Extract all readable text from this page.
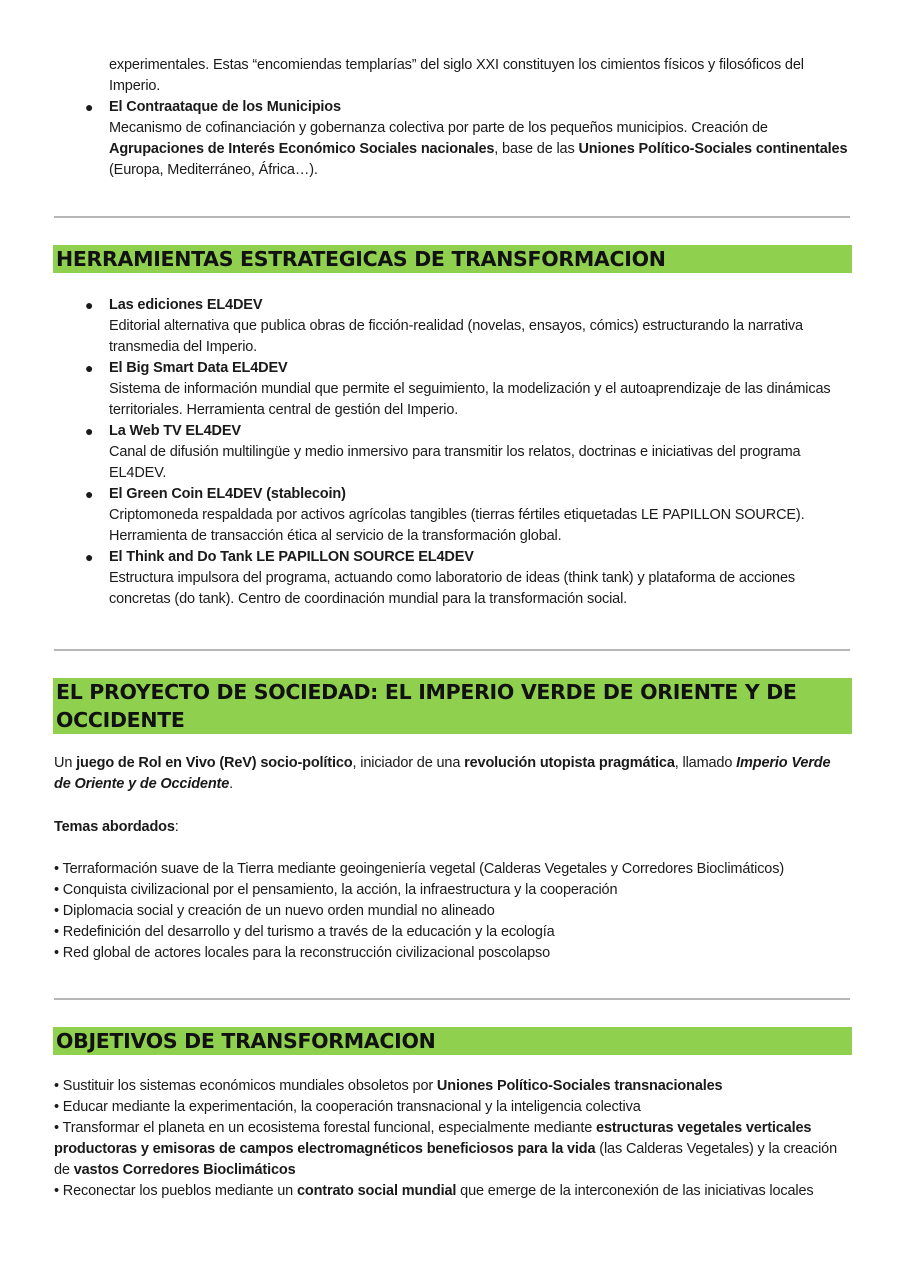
experimentales. Estas “encomiendas templarías” del siglo XXI constituyen los cimientos físicos y filosóficos del Imperio.
● El Contraataque de los Municipios
Mecanismo de cofinanciación y gobernanza colectiva por parte de los pequeños municipios. Creación de Agrupaciones de Interés Económico Sociales nacionales, base de las Uniones Político-Sociales continentales (Europa, Mediterráneo, África…).
HERRAMIENTAS ESTRATEGICAS DE TRANSFORMACION
● Las ediciones EL4DEV
Editorial alternativa que publica obras de ficción-realidad (novelas, ensayos, cómics) estructurando la narrativa transmedia del Imperio.
● El Big Smart Data EL4DEV
Sistema de información mundial que permite el seguimiento, la modelización y el autoaprendizaje de las dinámicas territoriales. Herramienta central de gestión del Imperio.
● La Web TV EL4DEV
Canal de difusión multilingüe y medio inmersivo para transmitir los relatos, doctrinas e iniciativas del programa EL4DEV.
● El Green Coin EL4DEV (stablecoin)
Criptomoneda respaldada por activos agrícolas tangibles (tierras fértiles etiquetadas LE PAPILLON SOURCE). Herramienta de transacción ética al servicio de la transformación global.
● El Think and Do Tank LE PAPILLON SOURCE EL4DEV
Estructura impulsora del programa, actuando como laboratorio de ideas (think tank) y plataforma de acciones concretas (do tank). Centro de coordinación mundial para la transformación social.
EL PROYECTO DE SOCIEDAD: EL IMPERIO VERDE DE ORIENTE Y DE
OCCIDENTE
Un juego de Rol en Vivo (ReV) socio-político, iniciador de una revolución utopista pragmática, llamado Imperio Verde de Oriente y de Occidente.
Temas abordados:
• Terraformación suave de la Tierra mediante geoingeniería vegetal (Calderas Vegetales y Corredores Bioclimáticos)
• Conquista civilizacional por el pensamiento, la acción, la infraestructura y la cooperación
• Diplomacia social y creación de un nuevo orden mundial no alineado
• Redefinición del desarrollo y del turismo a través de la educación y la ecología
• Red global de actores locales para la reconstrucción civilizacional poscolapso
OBJETIVOS DE TRANSFORMACION
• Sustituir los sistemas económicos mundiales obsoletos por Uniones Político-Sociales transnacionales
• Educar mediante la experimentación, la cooperación transnacional y la inteligencia colectiva
• Transformar el planeta en un ecosistema forestal funcional, especialmente mediante estructuras vegetales verticales productoras y emisoras de campos electromagnéticos beneficiosos para la vida (las Calderas Vegetales) y la creación de vastos Corredores Bioclimáticos
• Reconectar los pueblos mediante un contrato social mundial que emerge de la interconexión de las iniciativas locales
